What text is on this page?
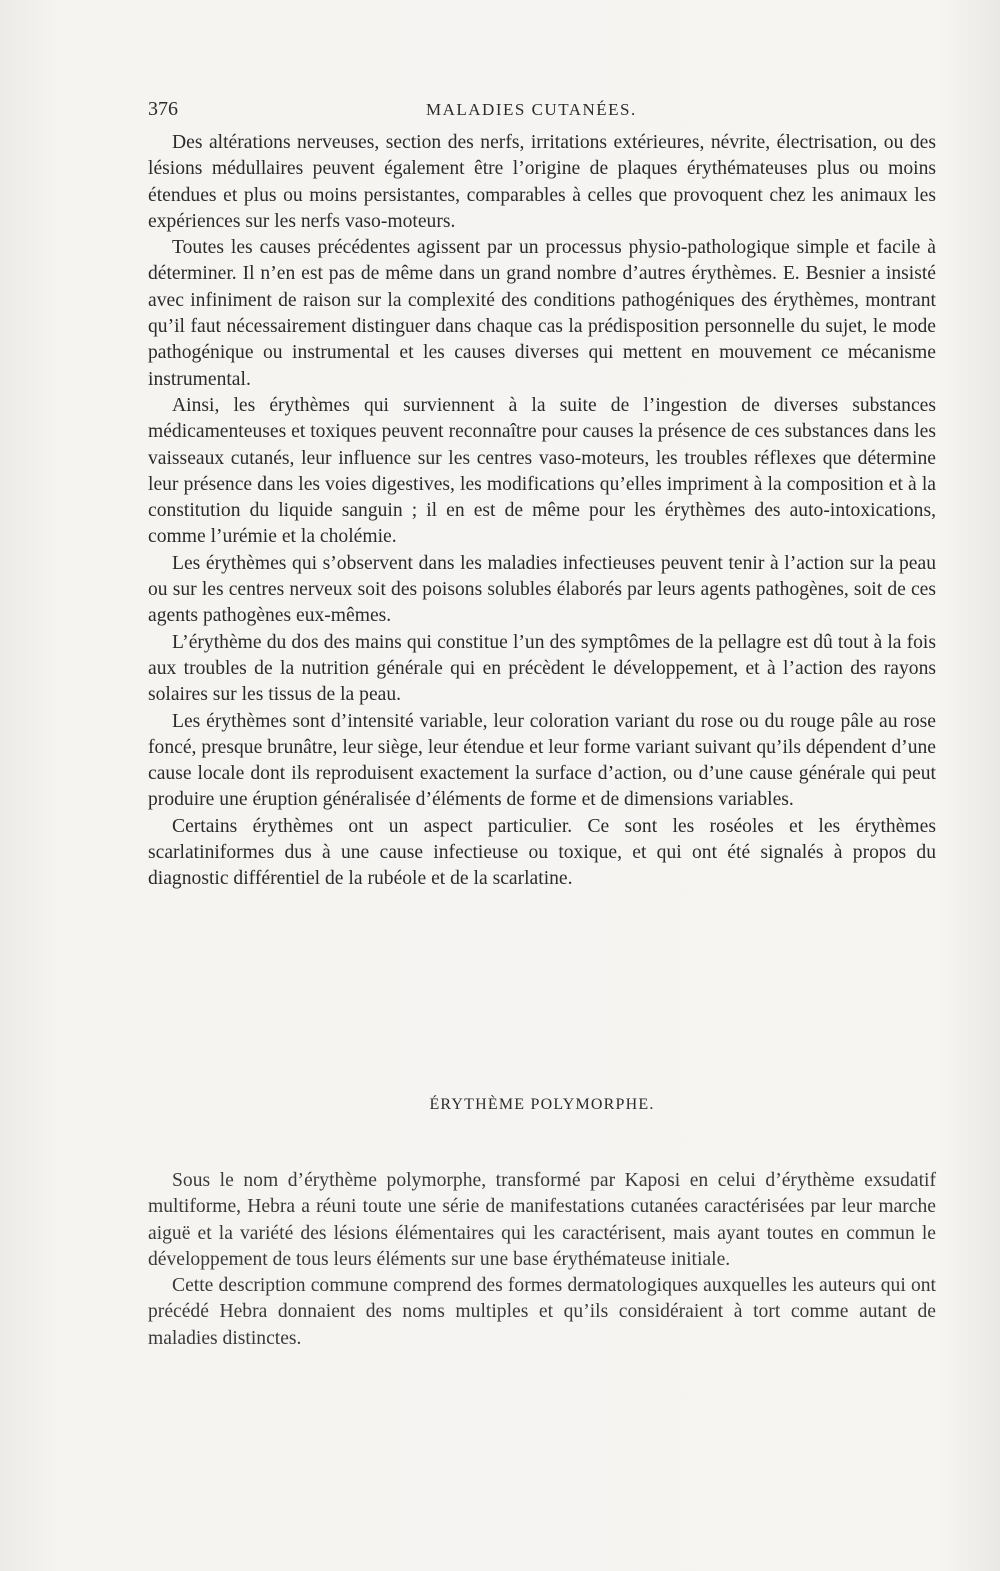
376	MALADIES CUTANÉES.

Des altérations nerveuses, section des nerfs, irritations extérieures, névrite, électrisation, ou des lésions médullaires peuvent également être l’origine de plaques érythémateuses plus ou moins étendues et plus ou moins persistantes, comparables à celles que provoquent chez les animaux les expériences sur les nerfs vaso-moteurs.

Toutes les causes précédentes agissent par un processus physio-pathologique simple et facile à déterminer. Il n’en est pas de même dans un grand nombre d’autres érythèmes. E. Besnier a insisté avec infiniment de raison sur la complexité des conditions pathogéniques des érythèmes, montrant qu’il faut nécessairement distinguer dans chaque cas la prédisposition personnelle du sujet, le mode pathogénique ou instrumental et les causes diverses qui mettent en mouvement ce mécanisme instrumental.

Ainsi, les érythèmes qui surviennent à la suite de l’ingestion de diverses substances médicamenteuses et toxiques peuvent reconnaître pour causes la présence de ces substances dans les vaisseaux cutanés, leur influence sur les centres vaso-moteurs, les troubles réflexes que détermine leur présence dans les voies digestives, les modifications qu’elles impriment à la composition et à la constitution du liquide sanguin ; il en est de même pour les érythèmes des auto-intoxications, comme l’urémie et la cholémie.

Les érythèmes qui s’observent dans les maladies infectieuses peuvent tenir à l’action sur la peau ou sur les centres nerveux soit des poisons solubles élaborés par leurs agents pathogènes, soit de ces agents pathogènes eux-mêmes.

L’érythème du dos des mains qui constitue l’un des symptômes de la pellagre est dû tout à la fois aux troubles de la nutrition générale qui en précèdent le développement, et à l’action des rayons solaires sur les tissus de la peau.

Les érythèmes sont d’intensité variable, leur coloration variant du rose ou du rouge pâle au rose foncé, presque brunâtre, leur siège, leur étendue et leur forme variant suivant qu’ils dépendent d’une cause locale dont ils reproduisent exactement la surface d’action, ou d’une cause générale qui peut produire une éruption généralisée d’éléments de forme et de dimensions variables.

Certains érythèmes ont un aspect particulier. Ce sont les roséoles et les érythèmes scarlatiniformes dus à une cause infectieuse ou toxique, et qui ont été signalés à propos du diagnostic différentiel de la rubéole et de la scarlatine.

ÉRYTHÈME POLYMORPHE.

Sous le nom d’érythème polymorphe, transformé par Kaposi en celui d’érythème exsudatif multiforme, Hebra a réuni toute une série de manifestations cutanées caractérisées par leur marche aiguë et la variété des lésions élémentaires qui les caractérisent, mais ayant toutes en commun le développement de tous leurs éléments sur une base érythémateuse initiale.

Cette description commune comprend des formes dermatologiques auxquelles les auteurs qui ont précédé Hebra donnaient des noms multiples et qu’ils considéraient à tort comme autant de maladies distinctes.
